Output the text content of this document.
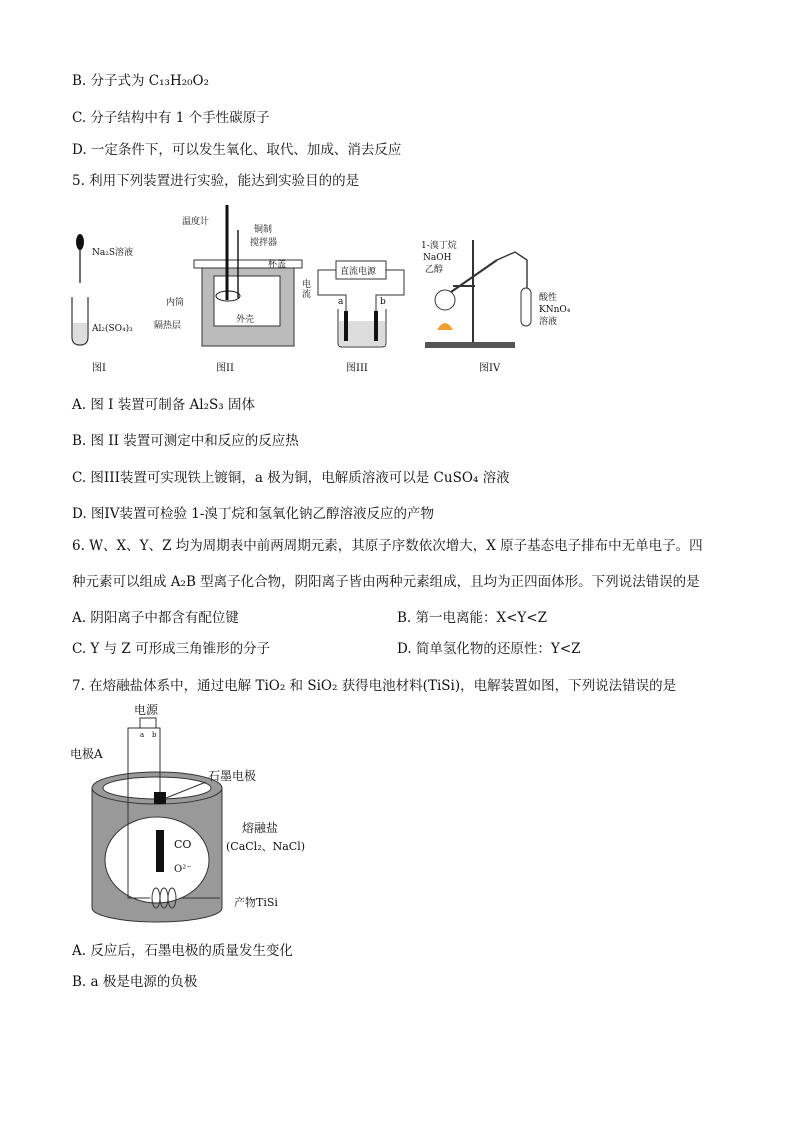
B. 分子式为 C₁₃H₂₀O₂
C. 分子结构中有 1 个手性碳原子
D. 一定条件下，可以发生氧化、取代、加成、消去反应
5. 利用下列装置进行实验，能达到实验目的的是
Na₂S溶液
Al₂(SO₄)₃
图I
温度计
铜制
搅拌器
杯盖
内筒
外壳
隔热层
图II
直流电源
电
流
a	b
图III
1-溴丁烷
NaOH
乙醇
酸性
KNnO₄
溶液
图IV
A. 图 I 装置可制备 Al₂S₃ 固体
B. 图 II 装置可测定中和反应的反应热
C. 图III装置可实现铁上镀铜，a 极为铜，电解质溶液可以是 CuSO₄ 溶液
D. 图IV装置可检验 1-溴丁烷和氢氧化钠乙醇溶液反应的产物
6. W、X、Y、Z 均为周期表中前两周期元素，其原子序数依次增大，X 原子基态电子排布中无单电子。四
种元素可以组成 A₂B 型离子化合物，阴阳离子皆由两种元素组成，且均为正四面体形。下列说法错误的是
A. 阴阳离子中都含有配位键	B. 第一电离能：X<Y<Z
C. Y 与 Z 可形成三角锥形的分子	D. 简单氢化物的还原性：Y<Z
7. 在熔融盐体系中，通过电解 TiO₂ 和 SiO₂ 获得电池材料(TiSi)，电解装置如图，下列说法错误的是
电源
a b
电极A
石墨电极
熔融盐
(CaCl₂、NaCl)
CO
O²⁻
产物TiSi
A. 反应后，石墨电极的质量发生变化
B. a 极是电源的负极
